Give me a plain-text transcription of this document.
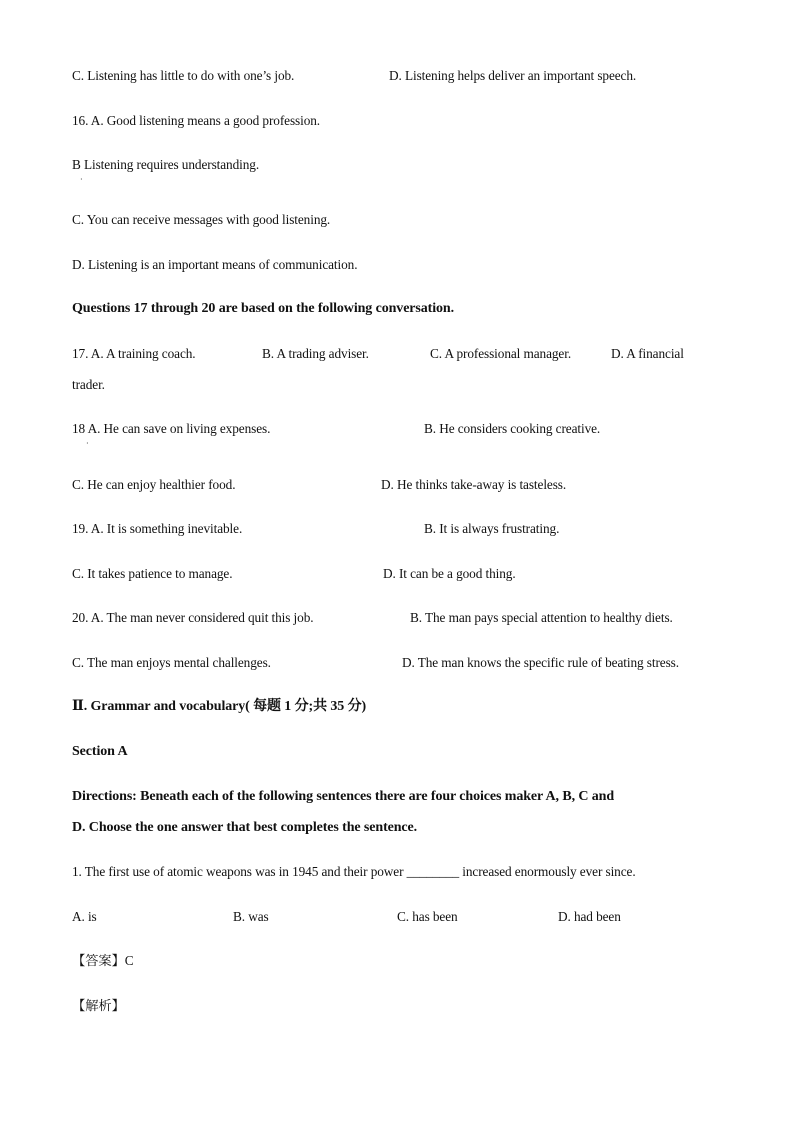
C. Listening has little to do with one’s job.	D. Listening helps deliver an important speech.
16. A. Good listening means a good profession.
B Listening requires understanding.
·
C. You can receive messages with good listening.
D. Listening is an important means of communication.
Questions 17 through 20 are based on the following conversation.
17. A. A training coach.	B. A trading adviser.	C. A professional manager.	D. A financial
trader.
18 A. He can save on living expenses.	B. He considers cooking creative.
·
C. He can enjoy healthier food.	D. He thinks take-away is tasteless.
19. A. It is something inevitable.	B. It is always frustrating.
C. It takes patience to manage.	D. It can be a good thing.
20. A. The man never considered quit this job.	B. The man pays special attention to healthy diets.
C. The man enjoys mental challenges.	D. The man knows the specific rule of beating stress.
Ⅱ. Grammar and vocabulary( 每题 1 分;共 35 分)
Section A
Directions: Beneath each of the following sentences there are four choices maker A, B, C and
D. Choose the one answer that best completes the sentence.
1. The first use of atomic weapons was in 1945 and their power ________ increased enormously ever since.
A. is	B. was	C. has been	D. had been
【答案】C
【解析】
